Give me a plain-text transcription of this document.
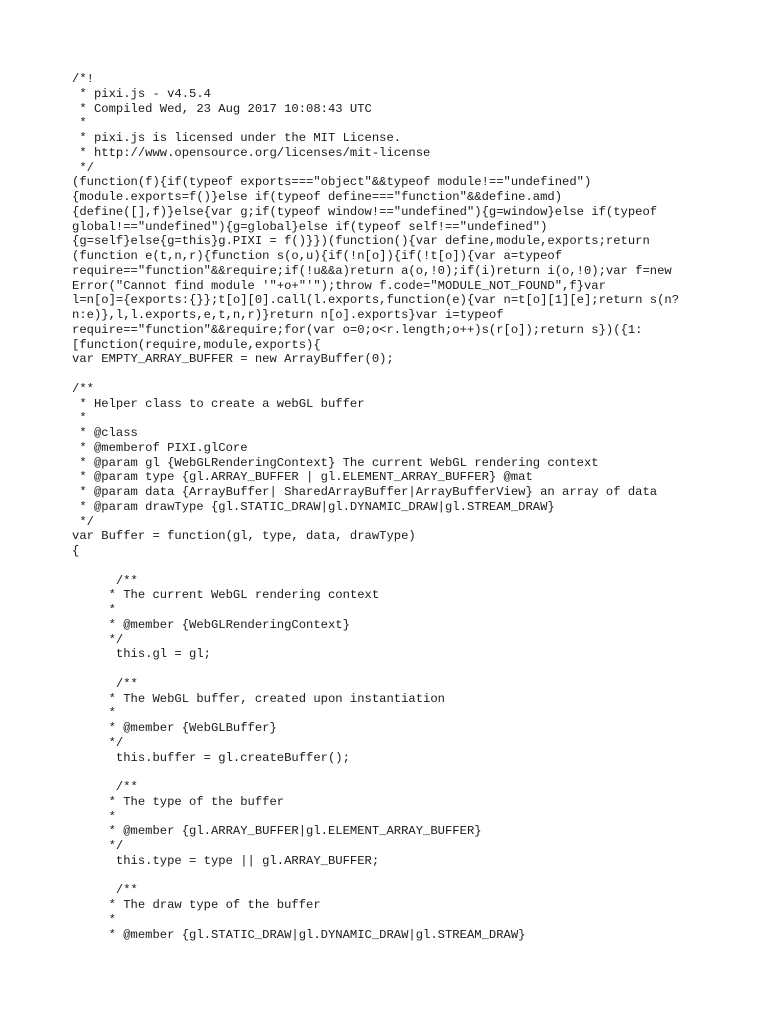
/*!
* pixi.js - v4.5.4
* Compiled Wed, 23 Aug 2017 10:08:43 UTC
*
* pixi.js is licensed under the MIT License.
* http://www.opensource.org/licenses/mit-license
*/
(function(f){if(typeof exports==="object"&&typeof module!=="undefined")
{module.exports=f()}else if(typeof define==="function"&&define.amd)
{define([],f)}else{var g;if(typeof window!=="undefined"){g=window}else if(typeof
global!=="undefined"){g=global}else if(typeof self!=="undefined")
{g=self}else{g=this}g.PIXI = f()}})(function(){var define,module,exports;return
(function e(t,n,r){function s(o,u){if(!n[o]){if(!t[o]){var a=typeof
require=="function"&&require;if(!u&&a)return a(o,!0);if(i)return i(o,!0);var f=new
Error("Cannot find module '"+o+"'");throw f.code="MODULE_NOT_FOUND",f}var
l=n[o]={exports:{}};t[o][0].call(l.exports,function(e){var n=t[o][1][e];return s(n?
n:e)},l,l.exports,e,t,n,r)}return n[o].exports}var i=typeof
require=="function"&&require;for(var o=0;o<r.length;o++)s(r[o]);return s})({1:
[function(require,module,exports){
var EMPTY_ARRAY_BUFFER = new ArrayBuffer(0);
/**
* Helper class to create a webGL buffer
*
* @class
* @memberof PIXI.glCore
* @param gl {WebGLRenderingContext} The current WebGL rendering context
* @param type {gl.ARRAY_BUFFER | gl.ELEMENT_ARRAY_BUFFER} @mat
* @param data {ArrayBuffer| SharedArrayBuffer|ArrayBufferView} an array of data
* @param drawType {gl.STATIC_DRAW|gl.DYNAMIC_DRAW|gl.STREAM_DRAW}
*/
var Buffer = function(gl, type, data, drawType)
{
/**
* The current WebGL rendering context
*
* @member {WebGLRenderingContext}
*/
this.gl = gl;
/**
* The WebGL buffer, created upon instantiation
*
* @member {WebGLBuffer}
*/
this.buffer = gl.createBuffer();
/**
* The type of the buffer
*
* @member {gl.ARRAY_BUFFER|gl.ELEMENT_ARRAY_BUFFER}
*/
this.type = type || gl.ARRAY_BUFFER;
/**
* The draw type of the buffer
*
* @member {gl.STATIC_DRAW|gl.DYNAMIC_DRAW|gl.STREAM_DRAW}
